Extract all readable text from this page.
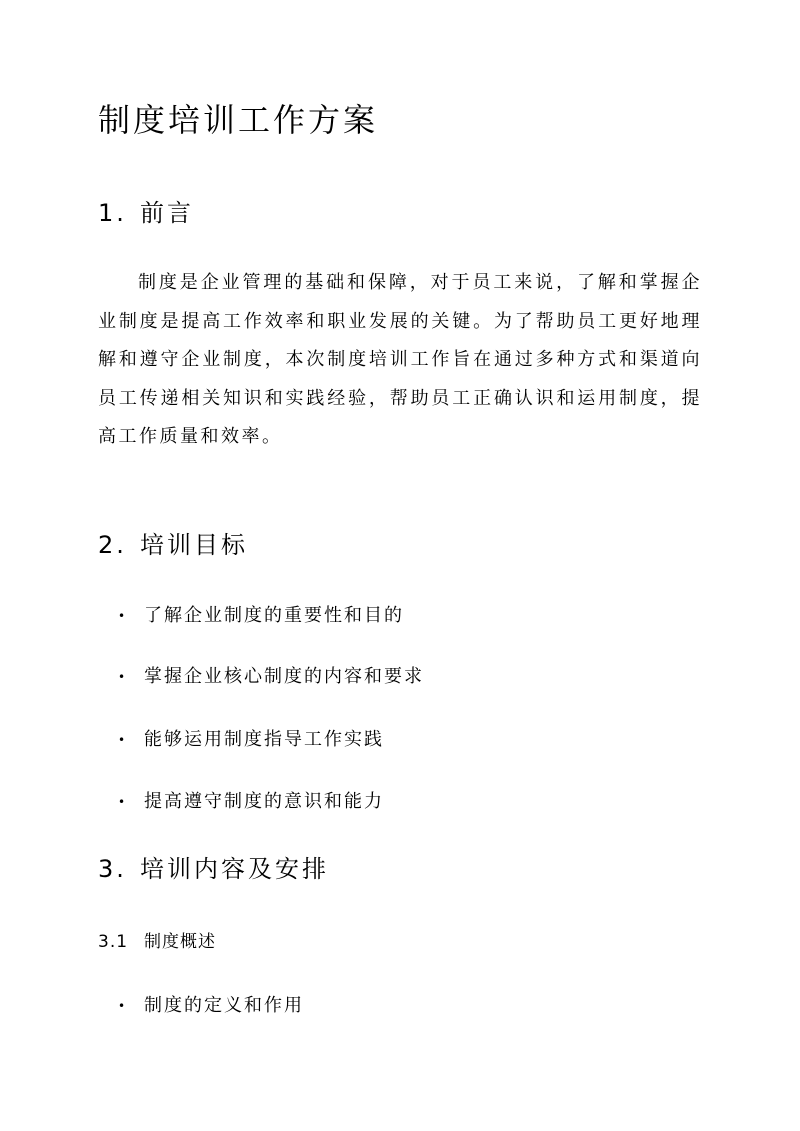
制度培训工作方案
1. 前言

制度是企业管理的基础和保障，对于员工来说，了解和掌握企业制度是提高工作效率和职业发展的关键。为了帮助员工更好地理解和遵守企业制度，本次制度培训工作旨在通过多种方式和渠道向员工传递相关知识和实践经验，帮助员工正确认识和运用制度，提高工作质量和效率。

2. 培训目标

• 了解企业制度的重要性和目的

• 掌握企业核心制度的内容和要求

• 能够运用制度指导工作实践

• 提高遵守制度的意识和能力

3. 培训内容及安排
3.1 制度概述

• 制度的定义和作用
